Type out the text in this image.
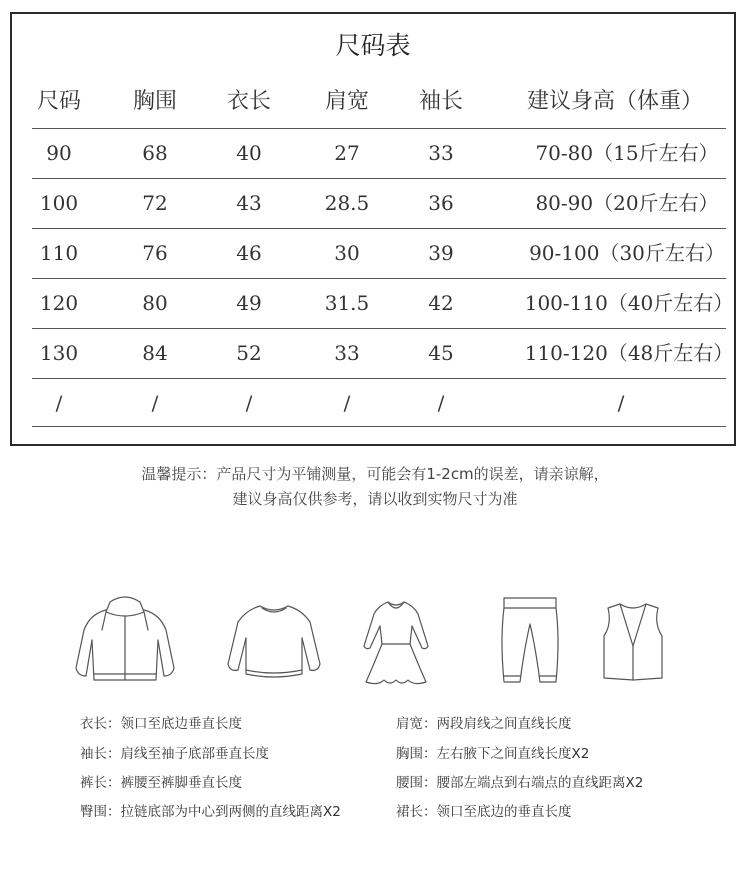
尺码表
尺码 胸围 衣长 肩宽 袖长	建议身高（体重）
90	68	40	27	33	70-80（15斤左右）
100	72	43	28.5	36	80-90（20斤左右）
110	76	46	30	39	90-100（30斤左右）
120	80	49	31.5	42	100-110（40斤左右）
130	84	52	33	45	110-120（48斤左右）
/	/	/	/	/	/
温馨提示：产品尺寸为平铺测量，可能会有1-2cm的误差，请亲谅解，
建议身高仅供参考，请以收到实物尺寸为准
衣长：领口至底边垂直长度
袖长：肩线至袖子底部垂直长度
裤长：裤腰至裤脚垂直长度
臀围：拉链底部为中心到两侧的直线距离X2
肩宽：两段肩线之间直线长度
胸围：左右腋下之间直线长度X2
腰围：腰部左端点到右端点的直线距离X2
裙长：领口至底边的垂直长度
